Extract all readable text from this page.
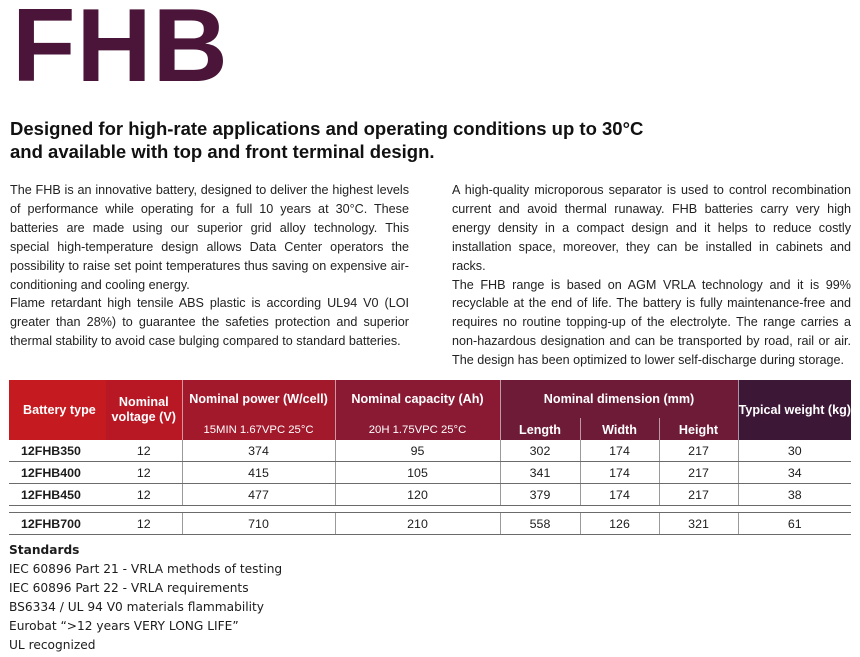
FHB
Designed for high-rate applications and operating conditions up to 30°C
and available with top and front terminal design.

The FHB is an innovative battery, designed to deliver the highest levels of performance while operating for a full 10 years at 30°C. These batteries are made using our superior grid alloy technology. This special high-temperature design allows Data Center operators the possibility to raise set point temperatures thus saving on expensive air-conditioning and cooling energy.

Flame retardant high tensile ABS plastic is according UL94 V0 (LOI greater than 28%) to guarantee the safeties protection and superior thermal stability to avoid case bulging compared to standard batteries.

A high-quality microporous separator is used to control recombination current and avoid thermal runaway. FHB batteries carry very high energy density in a compact design and it helps to reduce costly installation space, moreover, they can be installed in cabinets and racks.

The FHB range is based on AGM VRLA technology and it is 99% recyclable at the end of life. The battery is fully maintenance-free and requires no routine topping-up of the electrolyte. The range carries a non-hazardous designation and can be transported by road, rail or air. The design has been optimized to lower self-discharge during storage.

Battery type	Nominal voltage (V)	Nominal power (W/cell)	Nominal capacity (Ah)	Nominal dimension (mm)			Typical weight (kg)
		15MIN 1.67VPC 25°C	20H 1.75VPC 25°C	Length	Width	Height	
12FHB350	12	374	95	302	174	217	30
12FHB400	12	415	105	341	174	217	34
12FHB450	12	477	120	379	174	217	38

12FHB700	12	710	210	558	126	321	61
Standards
IEC 60896 Part 21 - VRLA methods of testing
IEC 60896 Part 22 - VRLA requirements
BS6334 / UL 94 V0 materials flammability
Eurobat “>12 years VERY LONG LIFE”
UL recognized
